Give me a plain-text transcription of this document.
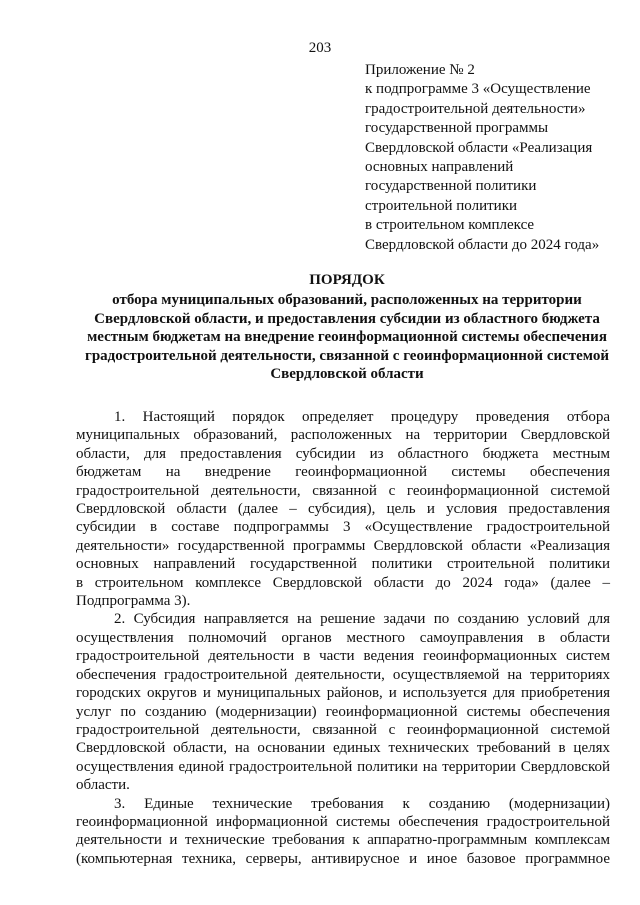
203
Приложение № 2
к подпрограмме 3 «Осуществление
градостроительной деятельности»
государственной программы
Свердловской области «Реализация
основных направлений
государственной политики
строительной политики
в строительном комплексе
Свердловской области до 2024 года»
ПОРЯДОК
отбора муниципальных образований, расположенных на территории
Свердловской области, и предоставления субсидии из областного бюджета
местным бюджетам на внедрение геоинформационной системы обеспечения
градостроительной деятельности, связанной с геоинформационной системой
Свердловской области
1. Настоящий порядок определяет процедуру проведения отбора
муниципальных образований, расположенных на территории Свердловской
области, для предоставления субсидии из областного бюджета местным
бюджетам на внедрение геоинформационной системы обеспечения
градостроительной деятельности, связанной с геоинформационной системой
Свердловской области (далее – субсидия), цель и условия предоставления
субсидии в составе подпрограммы 3 «Осуществление градостроительной
деятельности» государственной программы Свердловской области «Реализация
основных направлений государственной политики строительной политики
в строительном комплексе Свердловской области до 2024 года» (далее –
Подпрограмма 3).
2. Субсидия направляется на решение задачи по созданию условий для
осуществления полномочий органов местного самоуправления в области
градостроительной деятельности в части ведения геоинформационных систем
обеспечения градостроительной деятельности, осуществляемой на территориях
городских округов и муниципальных районов, и используется для приобретения
услуг по созданию (модернизации) геоинформационной системы обеспечения
градостроительной деятельности, связанной с геоинформационной системой
Свердловской области, на основании единых технических требований в целях
осуществления единой градостроительной политики на территории Свердловской
области.
3. Единые технические требования к созданию (модернизации)
геоинформационной информационной системы обеспечения градостроительной
деятельности и технические требования к аппаратно-программным комплексам
(компьютерная техника, серверы, антивирусное и иное базовое программное
